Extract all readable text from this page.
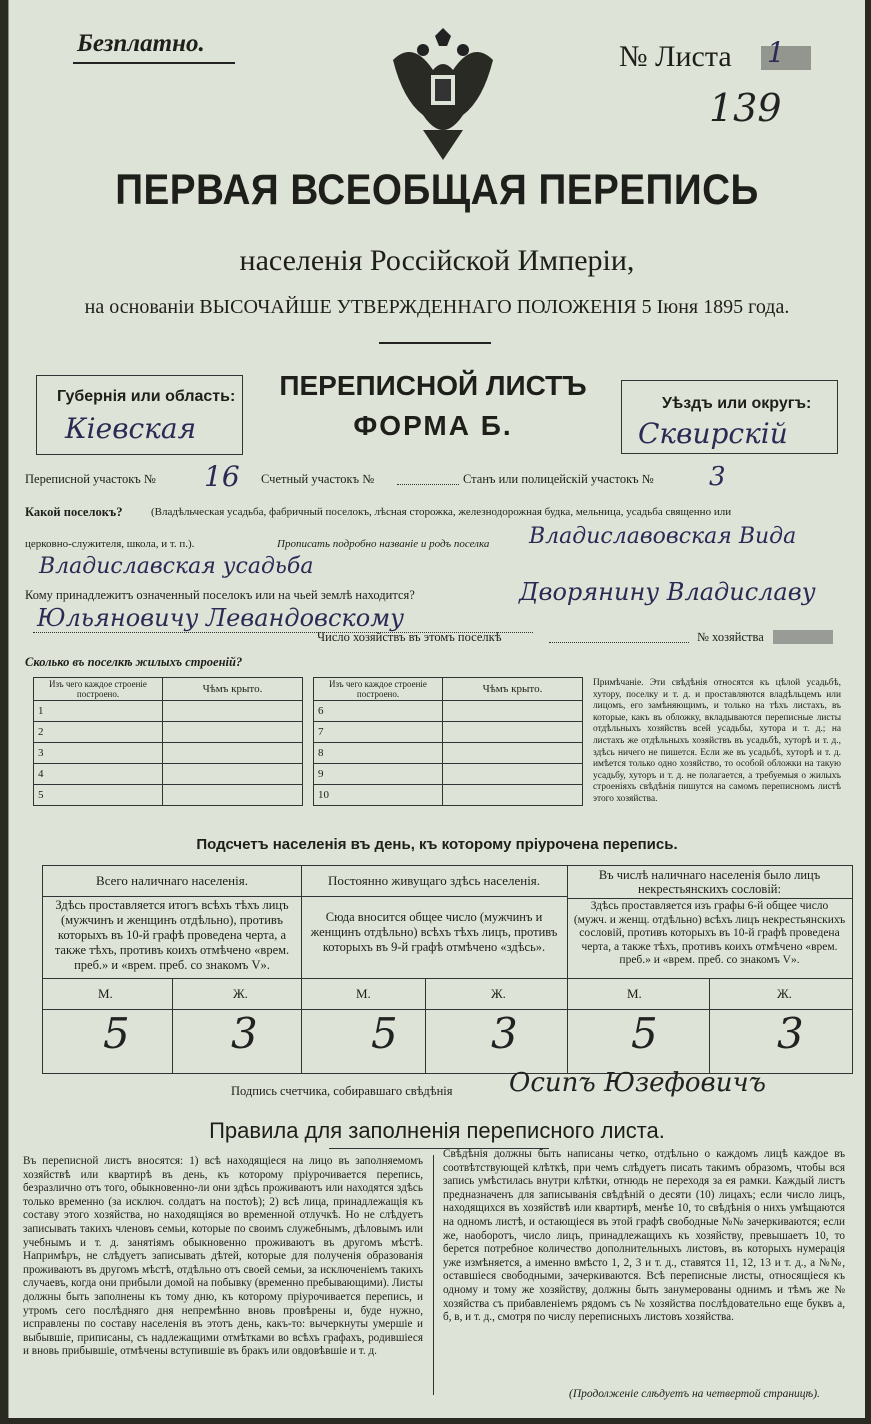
Безплатно.	№ Листа 1
139
ПЕРВАЯ ВСЕОБЩАЯ ПЕРЕПИСЬ
населенія Россійской Имперіи,
на основаніи ВЫСОЧАЙШЕ УТВЕРЖДЕННАГО ПОЛОЖЕНІЯ 5 Іюня 1895 года.
Губернія или область:
Кіевская
ПЕРЕПИСНОЙ ЛИСТЪ
ФОРМА Б.
Уѣздъ или округъ:
Сквирскій
Переписной участокъ № 16 Счетный участокъ №	Станъ или полицейскій участокъ № 3
Какой поселокъ?	(Владѣльческая усадьба, фабричный поселокъ, лѣсная сторожка, железнодорожная будка, мельница, усадьба священно или
церковно-служителя, школа, и т. п.).	Прописать подробно названіе и родъ поселка Владиславовская Вида
Владиславская усадьба
Кому принадлежитъ означенный поселокъ или на чьей землѣ находится?	Дворянину Владиславу
Юльяновичу Левандовскому
Число хозяйствъ въ этомъ поселкѣ	№ хозяйства
Сколько въ поселкѣ жилыхъ строеній?
Изъ чего каждое строеніе построено.	Чѣмъ крыто.
1	
2	
3	
4	
5	
Изъ чего каждое строеніе построено.	Чѣмъ крыто.
6	
7	
8	
9	
10	
Примѣчаніе. Эти свѣдѣнія относятся къ цѣлой усадьбѣ, хутору, поселку и т. д. и проставляются владѣльцемъ или лицомъ, его замѣняющимъ, и только на тѣхъ листахъ, въ которые, какъ въ обложку, вкладываются переписные листы отдѣльныхъ хозяйствъ всей усадьбы, хутора и т. д.; на листахъ же отдѣльныхъ хозяйствъ въ усадьбѣ, хуторѣ и т. д., здѣсь ничего не пишется. Если же въ усадьбѣ, хуторѣ и т. д. имѣется только одно хозяйство, то особой обложки на такую усадьбу, хуторъ и т. д. не полагается, а требуемыя о жилыхъ строеніяхъ свѣдѣнія пишутся на самомъ переписномъ листѣ этого хозяйства.
Подсчетъ населенія въ день, къ которому пріурочена перепись.
Всего наличнаго населенія.
Здѣсь проставляется итогъ всѣхъ тѣхъ лицъ (мужчинъ и женщинъ отдѣльно), противъ которыхъ въ 10-й графѣ проведена черта, а также тѣхъ, противъ коихъ отмѣчено «врем. преб.» и «врем. преб. со знакомъ V».
М.	Ж.
5 3
Постоянно живущаго здѣсь населенія.
Сюда вносится общее число (мужчинъ и женщинъ отдѣльно) всѣхъ тѣхъ лицъ, противъ которыхъ въ 9-й графѣ отмѣчено «здѣсь».
М.	Ж.
5 3
Въ числѣ наличнаго населенія было лицъ некрестьянскихъ сословій:
Здѣсь проставляется изъ графы 6-й общее число (мужч. и женщ. отдѣльно) всѣхъ лицъ некрестьянскихъ сословій, противъ которыхъ въ 10-й графѣ проведена черта, а также тѣхъ, противъ коихъ отмѣчено «врем. преб.» и «врем. преб. со знакомъ V».
М.	Ж.
5	3
Подпись счетчика, собиравшаго свѣдѣнія Осипъ Юзефовичъ
Правила для заполненія переписного листа.
Въ переписной листъ вносятся: 1) всѣ находящіеся на лицо въ заполняемомъ хозяйствѣ или квартирѣ въ день, къ которому пріурочивается перепись, безразлично отъ того, обыкновенно-ли они здѣсь проживаютъ или находятся здѣсь только временно (за исключ. солдатъ на постоѣ); 2) всѣ лица, принадлежащія къ составу этого хозяйства, но находящіяся во временной отлучкѣ. Но не слѣдуетъ записывать такихъ членовъ семьи, которые по своимъ служебнымъ, дѣловымъ или учебнымъ и т. д. занятіямъ обыкновенно проживаютъ въ другомъ мѣстѣ. Напримѣръ, не слѣдуетъ записывать дѣтей, которые для полученія образованія проживаютъ въ другомъ мѣстѣ, отдѣльно отъ своей семьи, за исключеніемъ такихъ случаевъ, когда они прибыли домой на побывку (временно пребывающими). Листы должны быть заполнены къ тому дню, къ которому пріурочивается перепись, и утромъ сего послѣдняго дня непремѣнно вновь провѣрены и, буде нужно, исправлены по составу населенія въ этотъ день, какъ-то: вычеркнуты умершіе и выбывшіе, приписаны, съ надлежащими отмѣтками во всѣхъ графахъ, родившіеся и вновь прибывшіе, отмѣчены вступившіе въ бракъ или овдовѣвшіе и т. д.
Свѣдѣнія должны быть написаны четко, отдѣльно о каждомъ лицѣ каждое въ соотвѣтствующей клѣткѣ, при чемъ слѣдуетъ писать такимъ образомъ, чтобы вся запись умѣстилась внутри клѣтки, отнюдь не переходя за ея рамки. Каждый листъ предназначенъ для записыванія свѣдѣній о десяти (10) лицахъ; если число лицъ, находящихся въ хозяйствѣ или квартирѣ, менѣе 10, то свѣдѣнія о нихъ умѣщаются на одномъ листѣ, и остающіеся въ этой графѣ свободные №№ зачеркиваются; если же, наоборотъ, число лицъ, принадлежащихъ къ хозяйству, превышаетъ 10, то берется потребное количество дополнительныхъ листовъ, въ которыхъ нумерація уже измѣняется, а именно вмѣсто 1, 2, 3 и т. д., ставятся 11, 12, 13 и т. д., а №№, оставшіеся свободными, зачеркиваются. Всѣ переписные листы, относящіеся къ одному и тому же хозяйству, должны быть занумерованы однимъ и тѣмъ же № хозяйства съ прибавленіемъ рядомъ съ № хозяйства послѣдовательно еще буквъ а, б, в, и т. д., смотря по числу переписныхъ листовъ хозяйства.
(Продолженіе слѣдуетъ на четвертой страницѣ).
